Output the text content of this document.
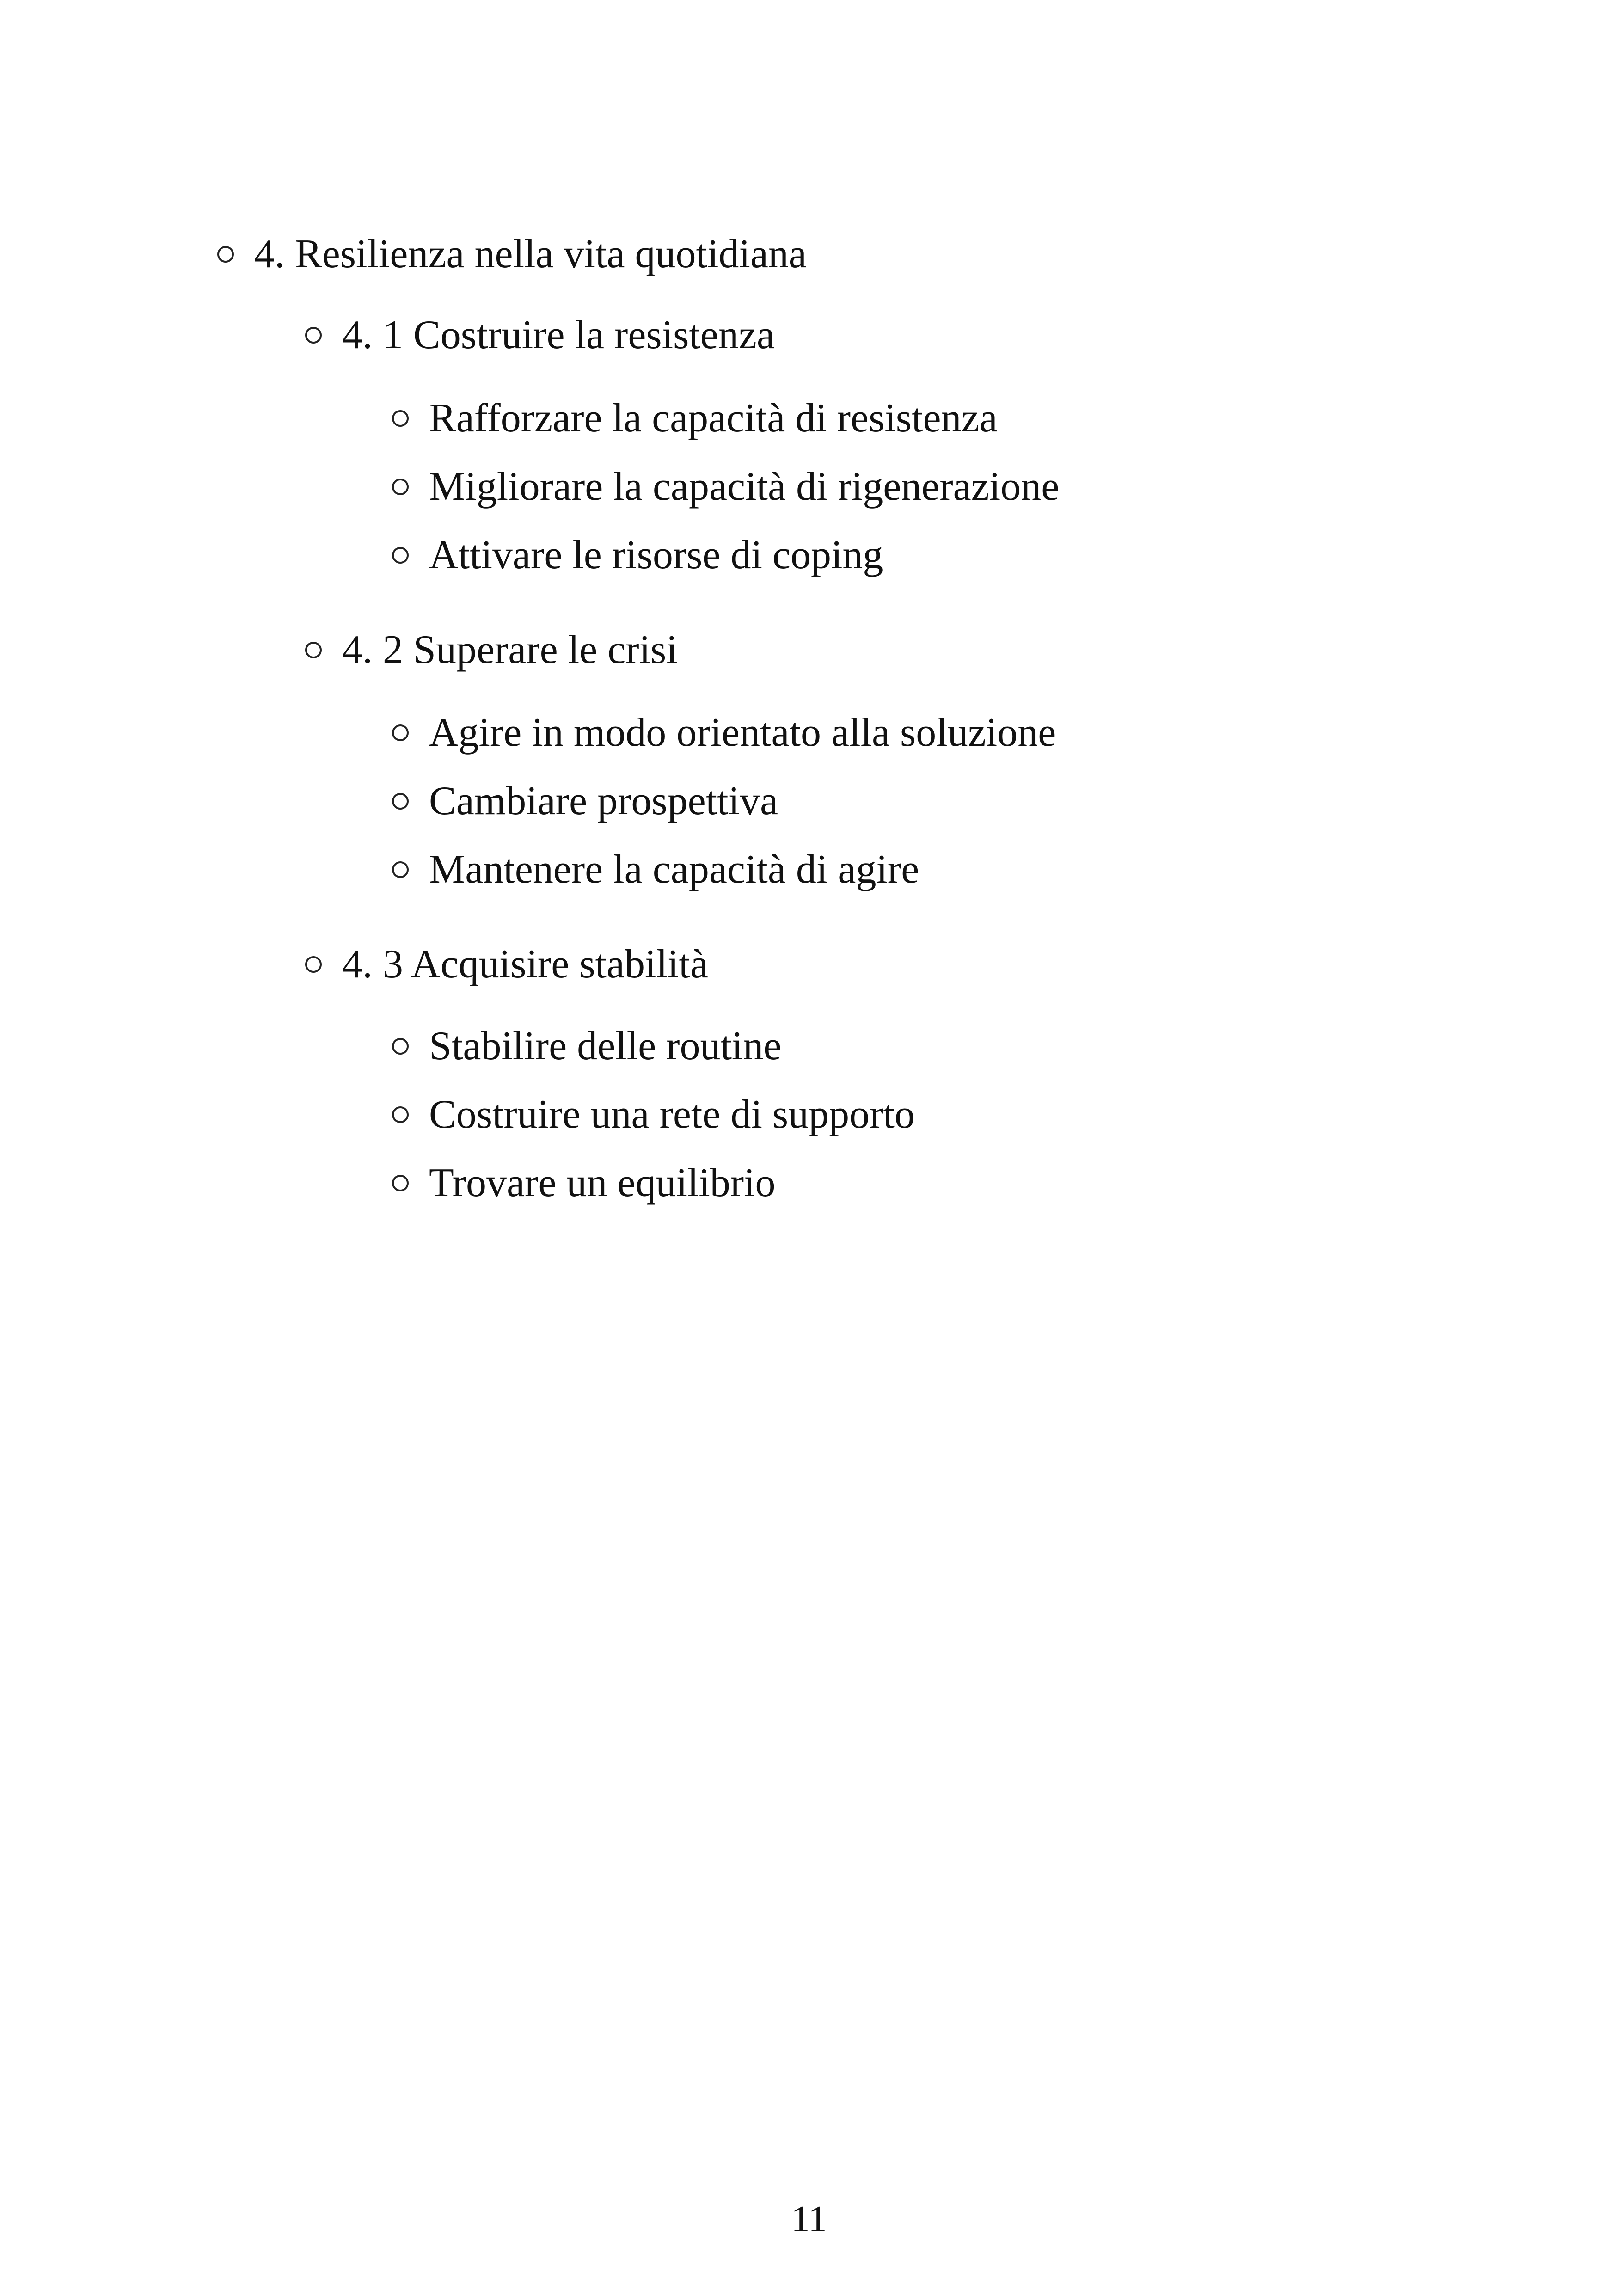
4. Resilienza nella vita quotidiana
4. 1 Costruire la resistenza
Rafforzare la capacità di resistenza
Migliorare la capacità di rigenerazione
Attivare le risorse di coping
4. 2 Superare le crisi
Agire in modo orientato alla soluzione
Cambiare prospettiva
Mantenere la capacità di agire
4. 3 Acquisire stabilità
Stabilire delle routine
Costruire una rete di supporto
Trovare un equilibrio
11
